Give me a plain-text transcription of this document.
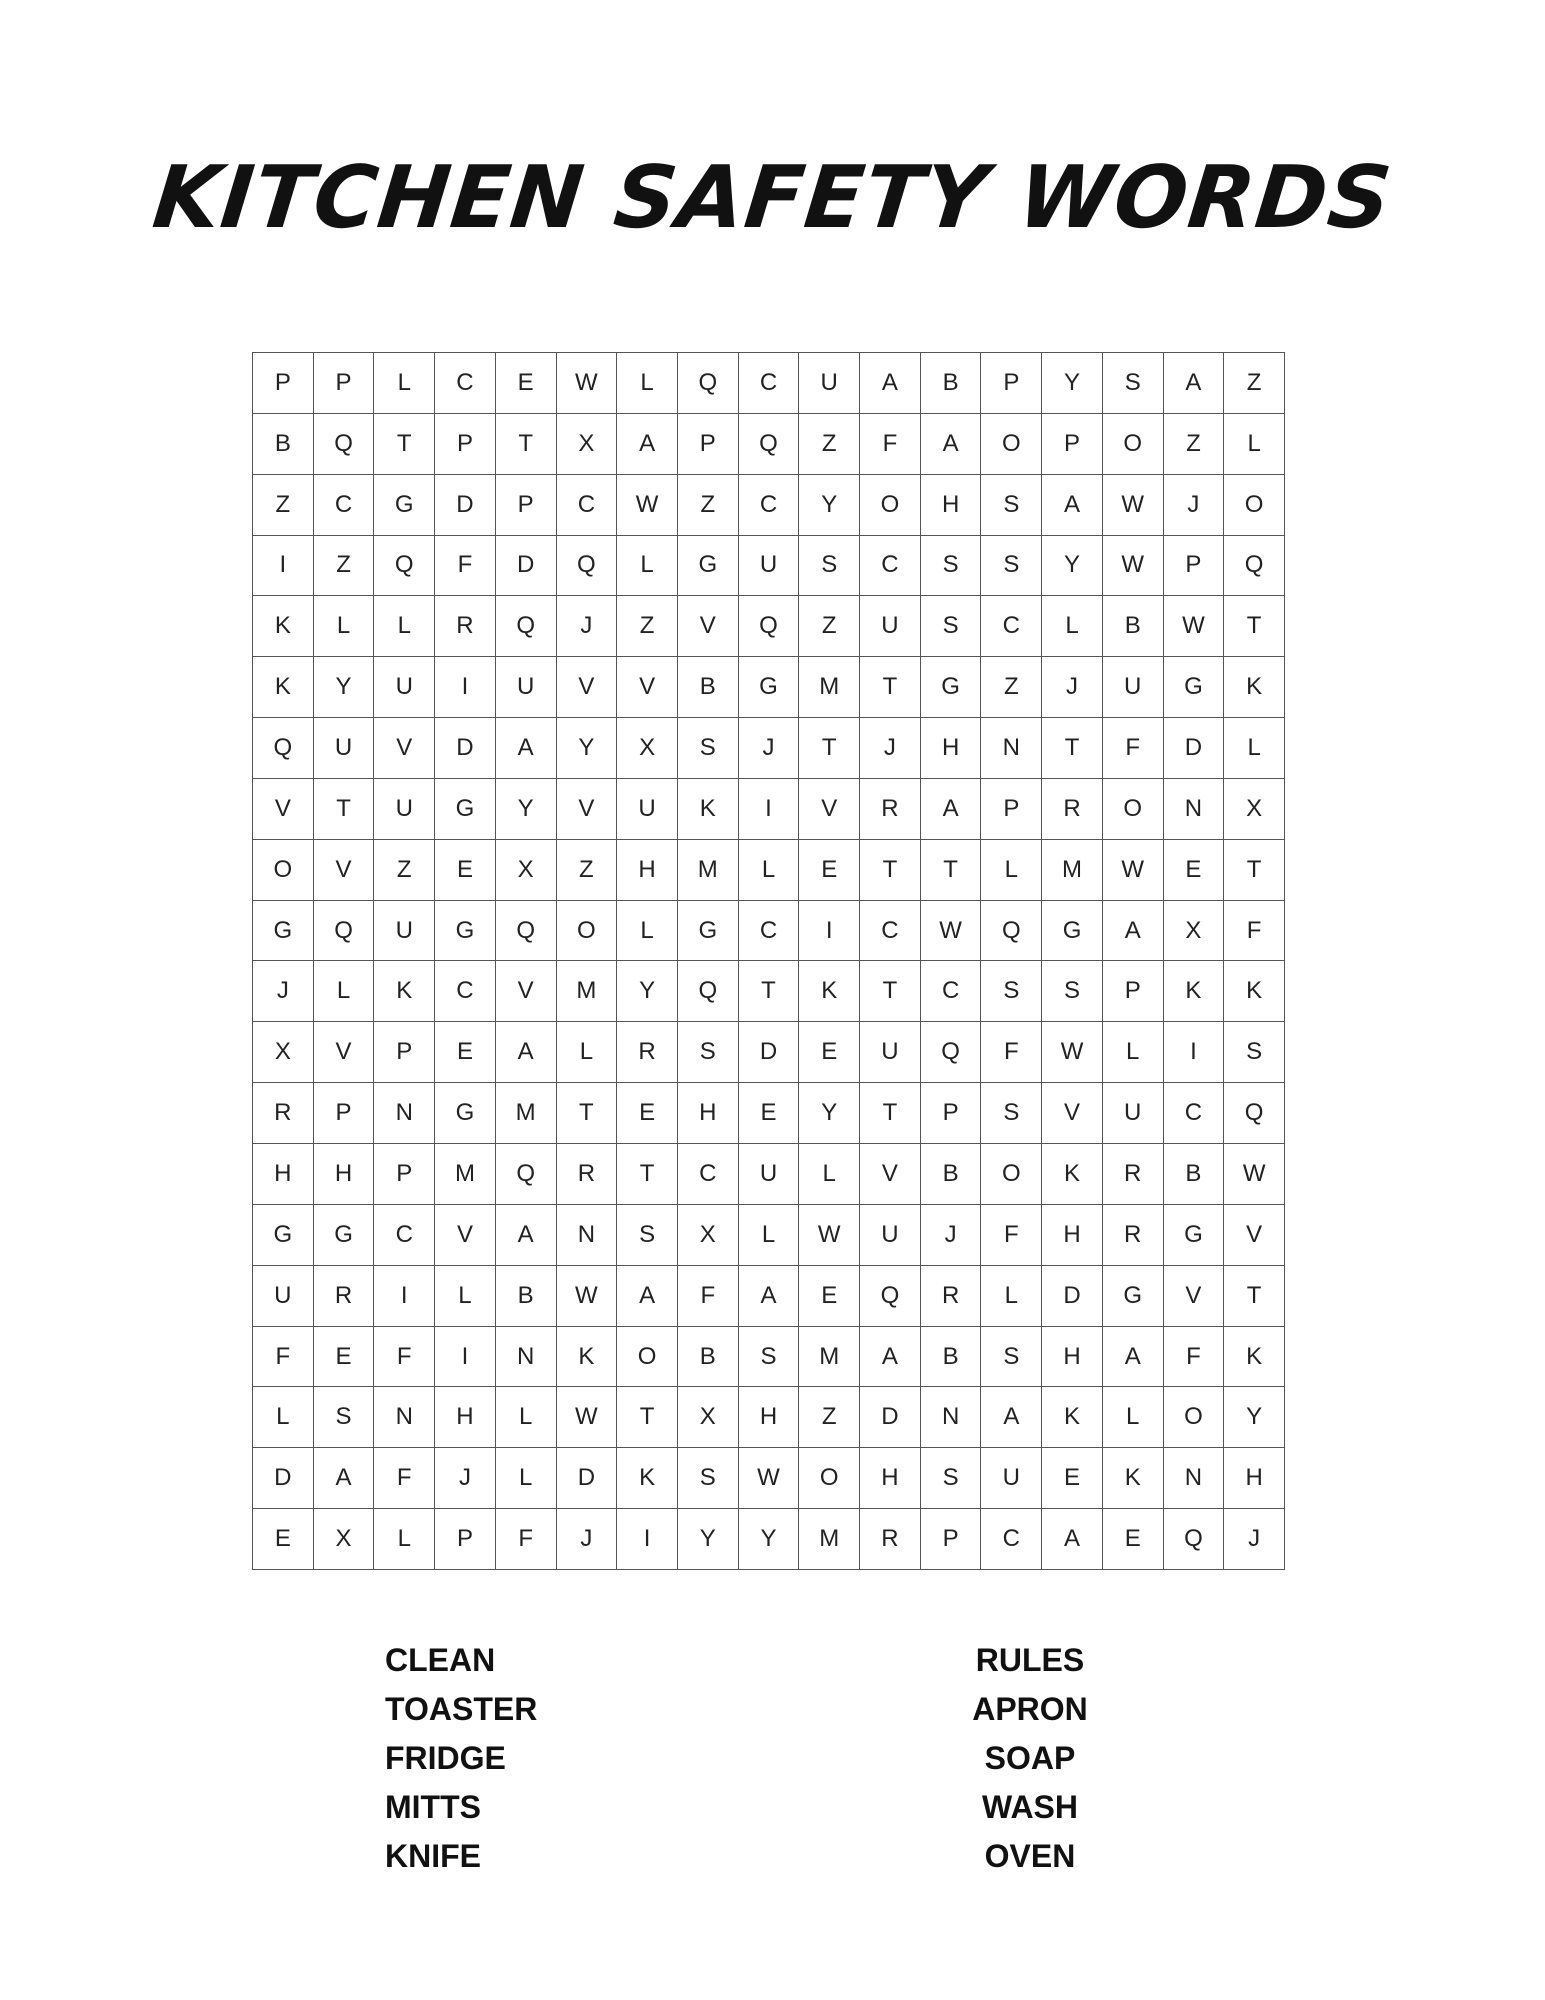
KITCHEN SAFETY WORDS
P	P	L	C	E	W	L	Q	C	U	A	B	P	Y	S	A	Z
B	Q	T	P	T	X	A	P	Q	Z	F	A	O	P	O	Z	L
Z	C	G	D	P	C	W	Z	C	Y	O	H	S	A	W	J	O
I	Z	Q	F	D	Q	L	G	U	S	C	S	S	Y	W	P	Q
K	L	L	R	Q	J	Z	V	Q	Z	U	S	C	L	B	W	T
K	Y	U	I	U	V	V	B	G	M	T	G	Z	J	U	G	K
Q	U	V	D	A	Y	X	S	J	T	J	H	N	T	F	D	L
V	T	U	G	Y	V	U	K	I	V	R	A	P	R	O	N	X
O	V	Z	E	X	Z	H	M	L	E	T	T	L	M	W	E	T
G	Q	U	G	Q	O	L	G	C	I	C	W	Q	G	A	X	F
J	L	K	C	V	M	Y	Q	T	K	T	C	S	S	P	K	K
X	V	P	E	A	L	R	S	D	E	U	Q	F	W	L	I	S
R	P	N	G	M	T	E	H	E	Y	T	P	S	V	U	C	Q
H	H	P	M	Q	R	T	C	U	L	V	B	O	K	R	B	W
G	G	C	V	A	N	S	X	L	W	U	J	F	H	R	G	V
U	R	I	L	B	W	A	F	A	E	Q	R	L	D	G	V	T
F	E	F	I	N	K	O	B	S	M	A	B	S	H	A	F	K
L	S	N	H	L	W	T	X	H	Z	D	N	A	K	L	O	Y
D	A	F	J	L	D	K	S	W	O	H	S	U	E	K	N	H
E	X	L	P	F	J	I	Y	Y	M	R	P	C	A	E	Q	J
CLEAN
TOASTER
FRIDGE
MITTS
KNIFE
RULES
APRON
SOAP
WASH
OVEN
